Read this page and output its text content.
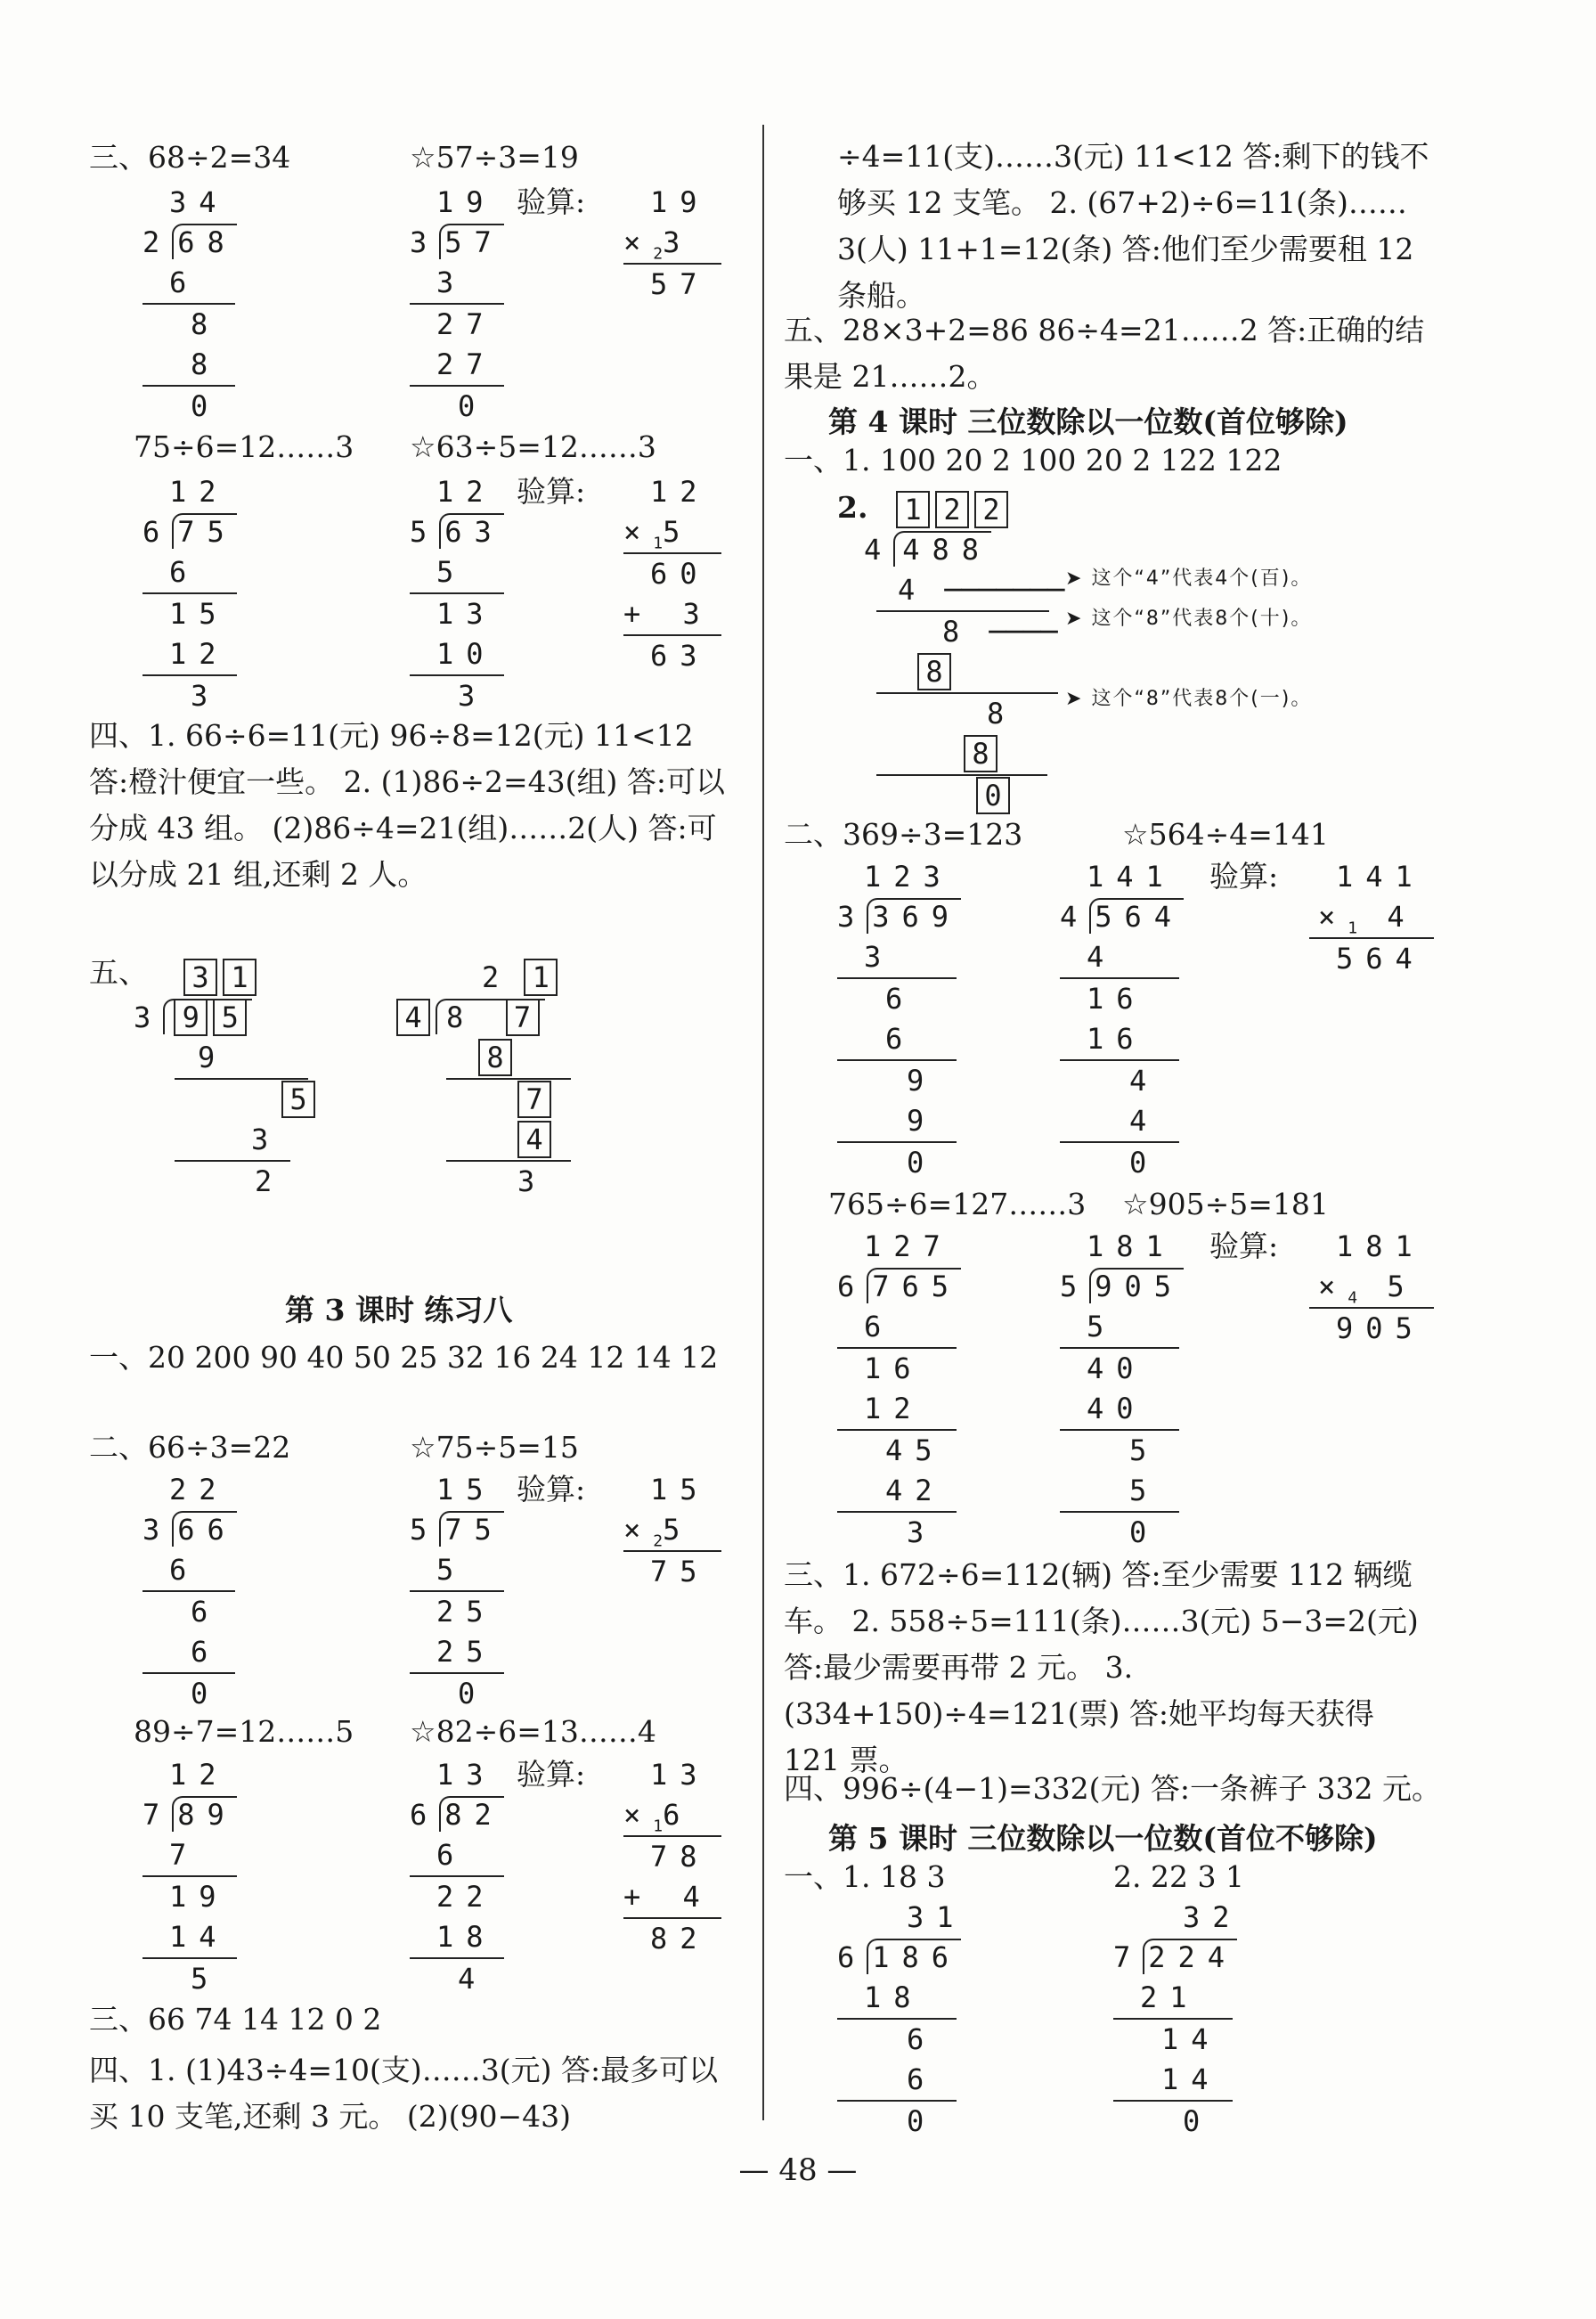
三、68÷2=34	☆57÷3=19
34
2 68
6
8
8
0
19
3 57
3
27
27
0
验算:	19
$\times_23$
57
75÷6=12……3 ☆63÷5=12……3
12
6 75
6
15
12
3
12
5 63
5
13
10
3
验算:	12
$\times_15$
60
+ 3
63
四、1. 66÷6=11(元) 96÷8=12(元) 11<12 答:橙汁便宜一些。 2. (1)86÷2=43(组) 答:可以分成 43 组。 (2)86÷4=21(组)……2(人) 答:可以分成 21 组,还剩 2 人。
五、	3 1
3 9 5
9
5
3
2
2 1
4 8 7
8
7
4
3
第 3 课时 练习八
一、20 200 90 40 50 25 32 16 24 12 14 12
二、66÷3=22	☆75÷5=15
22
3 66
6
6
6
0
15
5 75
5
25
25
0
验算:	15
$\times_25$
75
89÷7=12……5 ☆82÷6=13……4
12
7 89
7
19
14
5
13
6 82
6
22
18
4
验算:	13
$\times_16$
78
+ 4
82
三、66 74 14 12 0 2
四、1. (1)43÷4=10(支)……3(元) 答:最多可以买 10 支笔,还剩 3 元。 (2)(90−43)
÷4=11(支)……3(元) 11<12 答:剩下的钱不够买 12 支笔。 2. (67+2)÷6=11(条)……3(人) 11+1=12(条) 答:他们至少需要租 12 条船。
五、28×3+2=86 86÷4=21……2 答:正确的结果是 21……2。
第 4 课时 三位数除以一位数(首位够除)
一、1. 100 20 2 100 20 2 122 122
2.	1 2 2
4 488
4 ───────
8 ────
8
8
8
0
➤ 这个“4”代表4个(百)。
➤ 这个“8”代表8个(十)。
➤ 这个“8”代表8个(一)。
二、369÷3=123	☆564÷4=141
123
3 369
3
6
6
9
9
0
141
4 564
4
16
16
4
4
0
验算:	141
$\times_1$ 4
564
765÷6=127……3 ☆905÷5=181
127
6 765
6
16
12
45
42
3
181
5 905
5
40
40
5
5
0
验算:	181
$\times_4$ 5
905
三、1. 672÷6=112(辆) 答:至少需要 112 辆缆车。 2. 558÷5=111(条)……3(元) 5−3=2(元) 答:最少需要再带 2 元。 3. (334+150)÷4=121(票) 答:她平均每天获得 121 票。
四、996÷(4−1)=332(元) 答:一条裤子 332 元。
第 5 课时 三位数除以一位数(首位不够除)
一、1. 18 3	2. 22 3 1
31
6 186
18
6
6
0
32
7 224
21
14
14
0
— 48 —
